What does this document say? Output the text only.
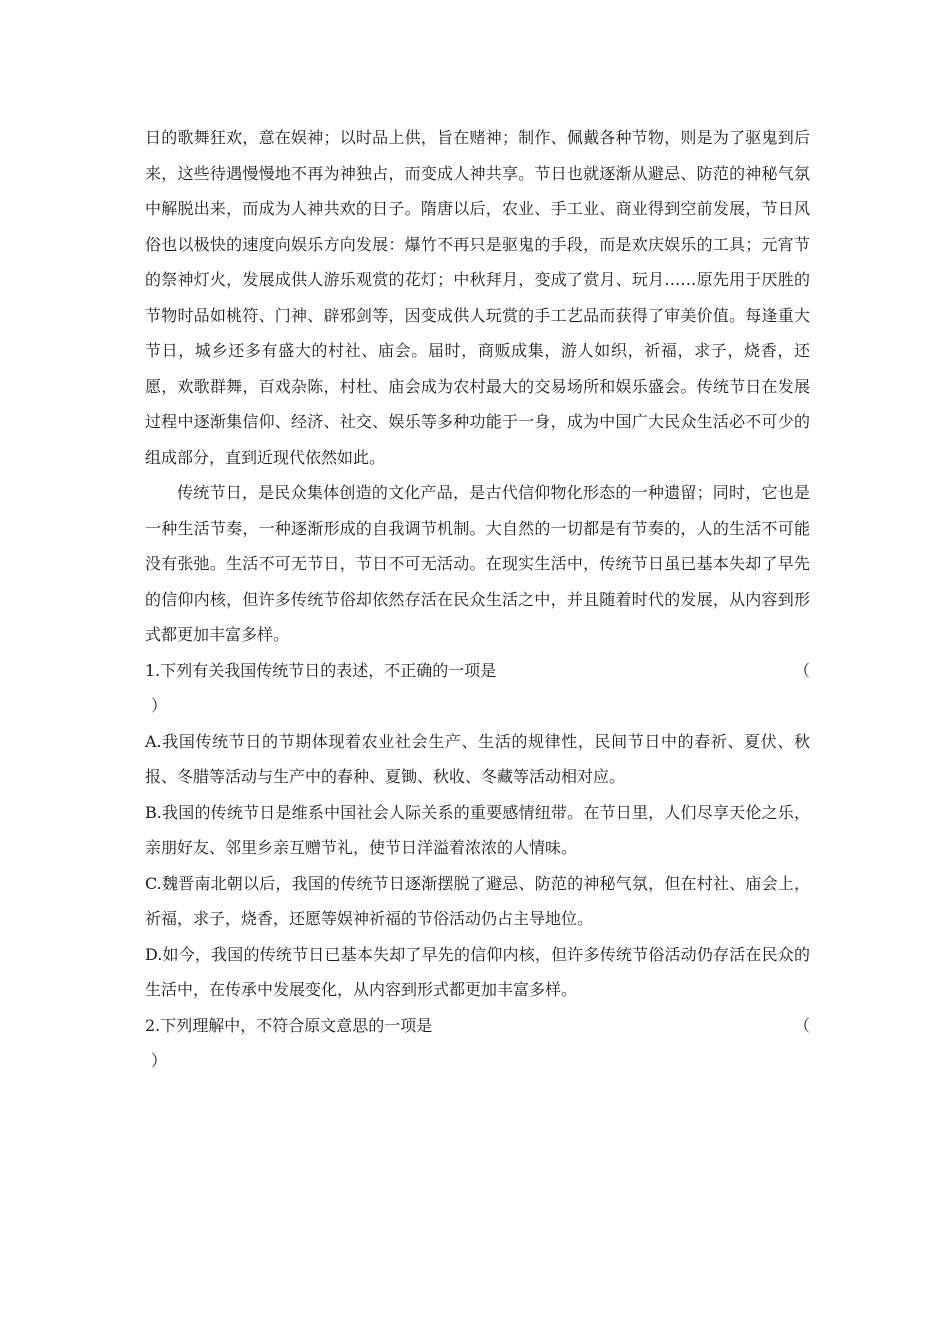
日的歌舞狂欢，意在娱神；以时品上供，旨在赌神；制作、佩戴各种节物，则是为了驱鬼到后来，这些待遇慢慢地不再为神独占，而变成人神共享。节日也就逐渐从避忌、防范的神秘气氛中解脱出来，而成为人神共欢的日子。隋唐以后，农业、手工业、商业得到空前发展，节日风俗也以极快的速度向娱乐方向发展：爆竹不再只是驱鬼的手段，而是欢庆娱乐的工具；元宵节的祭神灯火，发展成供人游乐观赏的花灯；中秋拜月，变成了赏月、玩月……原先用于厌胜的节物时品如桃符、门神、辟邪剑等，因变成供人玩赏的手工艺品而获得了审美价值。每逢重大节日，城乡还多有盛大的村社、庙会。届时，商贩成集，游人如织，祈福，求子，烧香，还愿，欢歌群舞，百戏杂陈，村杜、庙会成为农村最大的交易场所和娱乐盛会。传统节日在发展过程中逐渐集信仰、经济、社交、娱乐等多种功能于一身，成为中国广大民众生活必不可少的组成部分，直到近现代依然如此。

传统节日，是民众集体创造的文化产品，是古代信仰物化形态的一种遗留；同时，它也是一种生活节奏，一种逐渐形成的自我调节机制。大自然的一切都是有节奏的，人的生活不可能没有张弛。生活不可无节日，节日不可无活动。在现实生活中，传统节日虽已基本失却了早先的信仰内核，但许多传统节俗却依然存活在民众生活之中，并且随着时代的发展，从内容到形式都更加丰富多样。

1.下列有关我国传统节日的表述，不正确的一项是	（
）

A.我国传统节日的节期体现着农业社会生产、生活的规律性，民间节日中的春祈、夏伏、秋报、冬腊等活动与生产中的春种、夏锄、秋收、冬藏等活动相对应。

B.我国的传统节日是维系中国社会人际关系的重要感情纽带。在节日里，人们尽享天伦之乐，亲朋好友、邻里乡亲互赠节礼，使节日洋溢着浓浓的人情味。

C.魏晋南北朝以后，我国的传统节日逐渐摆脱了避忌、防范的神秘气氛，但在村社、庙会上，祈福，求子，烧香，还愿等娱神祈福的节俗活动仍占主导地位。

D.如今，我国的传统节日已基本失却了早先的信仰内核，但许多传统节俗活动仍存活在民众的生活中，在传承中发展变化，从内容到形式都更加丰富多样。

2.下列理解中，不符合原文意思的一项是	（
）
